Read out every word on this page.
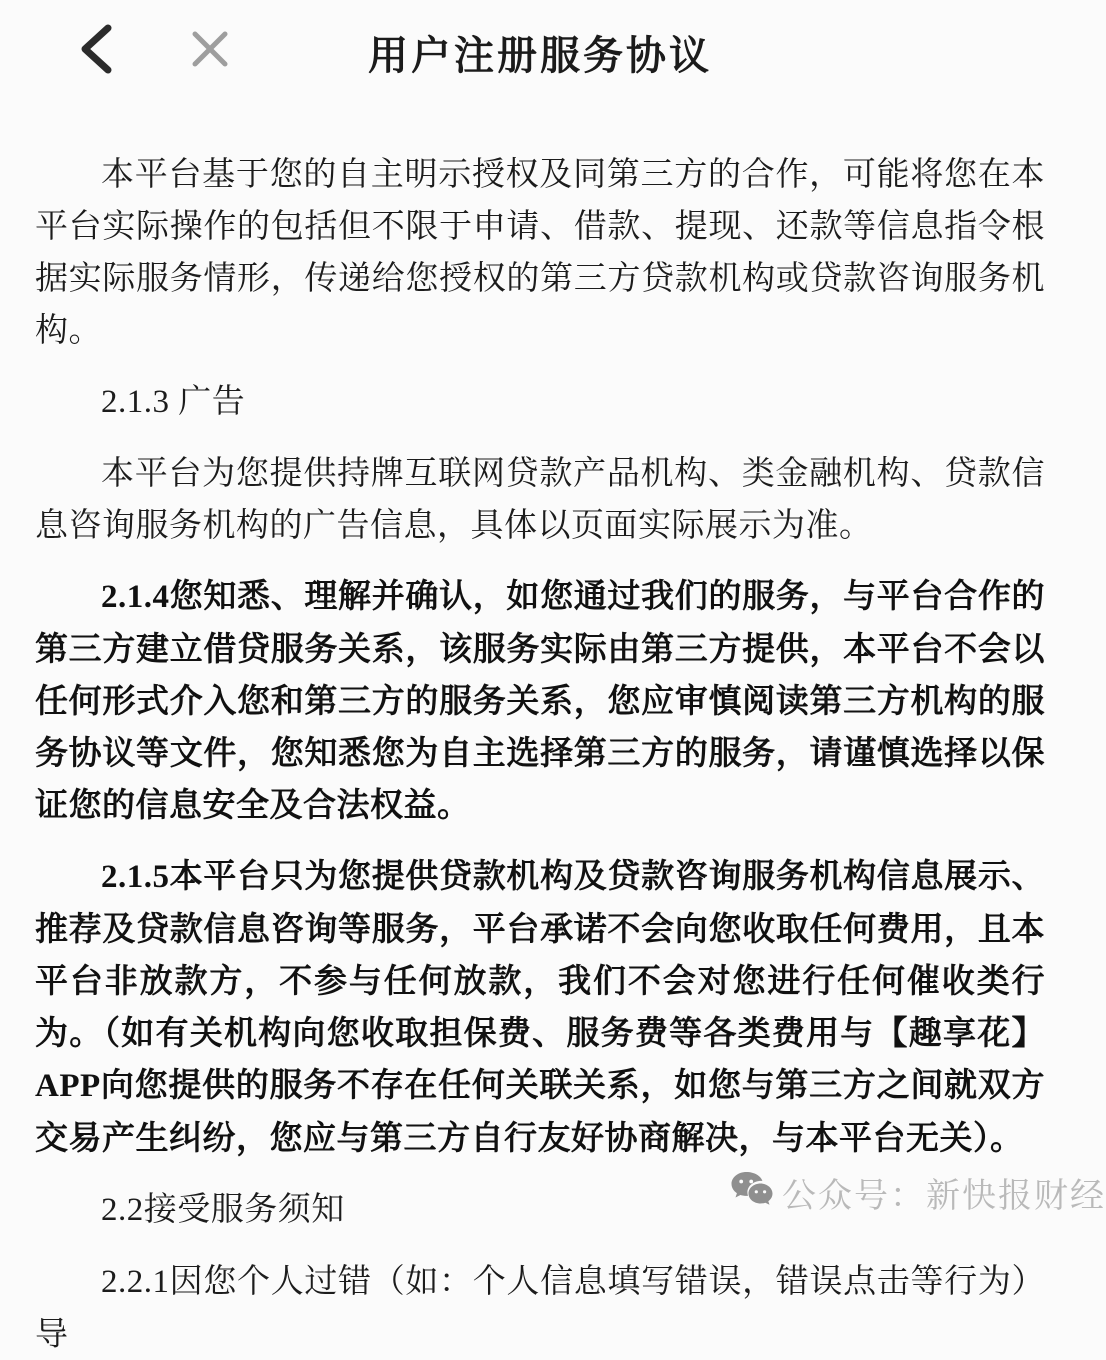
用户注册服务协议

本平台基于您的自主明示授权及同第三方的合作，可能将您在本平台实际操作的包括但不限于申请、借款、提现、还款等信息指令根据实际服务情形，传递给您授权的第三方贷款机构或贷款咨询服务机构。

2.1.3 广告

本平台为您提供持牌互联网贷款产品机构、类金融机构、贷款信息咨询服务机构的广告信息，具体以页面实际展示为准。

2.1.4您知悉、理解并确认，如您通过我们的服务，与平台合作的第三方建立借贷服务关系，该服务实际由第三方提供，本平台不会以任何形式介入您和第三方的服务关系，您应审慎阅读第三方机构的服务协议等文件，您知悉您为自主选择第三方的服务，请谨慎选择以保证您的信息安全及合法权益。

2.1.5本平台只为您提供贷款机构及贷款咨询服务机构信息展示、推荐及贷款信息咨询等服务，平台承诺不会向您收取任何费用，且本平台非放款方，不参与任何放款，我们不会对您进行任何催收类行为。（如有关机构向您收取担保费、服务费等各类费用与【趣享花】APP向您提供的服务不存在任何关联关系，如您与第三方之间就双方交易产生纠纷，您应与第三方自行友好协商解决，与本平台无关）。

2.2接受服务须知

2.2.1因您个人过错（如：个人信息填写错误，错误点击等行为）导

公众号：新快报财经
